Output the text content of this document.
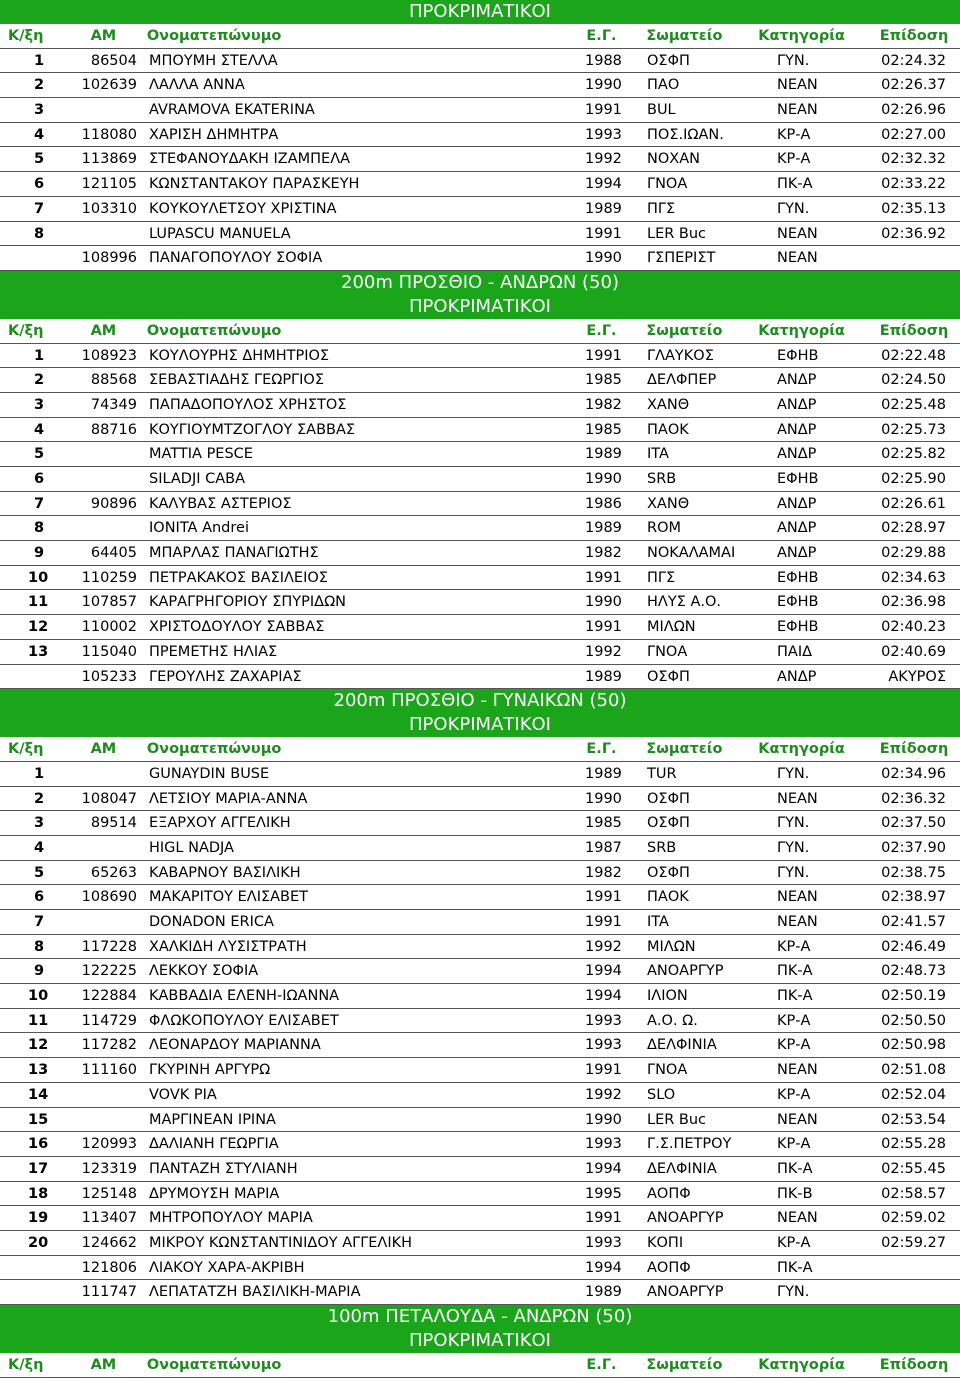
ΠΡΟΚΡΙΜΑΤΙΚΟΙ
Κ/ξη	ΑΜ	Ονοματεπώνυμο	Ε.Γ.	Σωματείο	Κατηγορία	Επίδοση
1	86504 ΜΠΟΥΜΗ ΣΤΕΛΛΑ	1988	ΟΣΦΠ	ΓΥΝ.	02:24.32
2	102639 ΛΑΛΛΑ ΑΝΝΑ	1990	ΠΑΟ	ΝΕΑΝ	02:26.37
3	AVRAMOVA EKATERINA	1991	BUL	ΝΕΑΝ	02:26.96
4	118080 ΧΑΡΙΣΗ ΔΗΜΗΤΡΑ	1993	ΠΟΣ.ΙΩΑΝ.	ΚΡ-Α	02:27.00
5	113869 ΣΤΕΦΑΝΟΥΔΑΚΗ ΙΖΑΜΠΕΛΑ	1992	ΝΟΧΑΝ	ΚΡ-Α	02:32.32
6	121105 ΚΩΝΣΤΑΝΤΑΚΟΥ ΠΑΡΑΣΚΕΥΗ	1994	ΓΝΟΑ	ΠΚ-Α	02:33.22
7	103310 ΚΟΥΚΟΥΛΕΤΣΟΥ ΧΡΙΣΤΙΝΑ	1989	ΠΓΣ	ΓΥΝ.	02:35.13
8	LUPASCU MANUELA	1991	LER Buc	ΝΕΑΝ	02:36.92
108996 ΠΑΝΑΓΟΠΟΥΛΟΥ ΣΟΦΙΑ	1990	ΓΣΠΕΡΙΣΤ	ΝΕΑΝ
200m ΠΡΟΣΘΙΟ - ΑΝΔΡΩΝ (50)
ΠΡΟΚΡΙΜΑΤΙΚΟΙ
Κ/ξη	ΑΜ	Ονοματεπώνυμο	Ε.Γ.	Σωματείο	Κατηγορία	Επίδοση
1	108923 ΚΟΥΛΟΥΡΗΣ ΔΗΜΗΤΡΙΟΣ	1991	ΓΛΑΥΚΟΣ	ΕΦΗΒ	02:22.48
2	88568 ΣΕΒΑΣΤΙΑΔΗΣ ΓΕΩΡΓΙΟΣ	1985	ΔΕΛΦΠΕΡ	ΑΝΔΡ	02:24.50
3	74349 ΠΑΠΑΔΟΠΟΥΛΟΣ ΧΡΗΣΤΟΣ	1982	ΧΑΝΘ	ΑΝΔΡ	02:25.48
4	88716 ΚΟΥΓΙΟΥΜΤΖΟΓΛΟΥ ΣΑΒΒΑΣ	1985	ΠΑΟΚ	ΑΝΔΡ	02:25.73
5	MATTIA PESCE	1989	ITA	ΑΝΔΡ	02:25.82
6	SILADJI CABA	1990	SRB	ΕΦΗΒ	02:25.90
7	90896 ΚΑΛΥΒΑΣ ΑΣΤΕΡΙΟΣ	1986	ΧΑΝΘ	ΑΝΔΡ	02:26.61
8	IONITA Andrei	1989	ROM	ΑΝΔΡ	02:28.97
9	64405 ΜΠΑΡΛΑΣ ΠΑΝΑΓΙΩΤΗΣ	1982	ΝΟΚΑΛΑΜΑΙ	ΑΝΔΡ	02:29.88
10	110259 ΠΕΤΡΑΚΑΚΟΣ ΒΑΣΙΛΕΙΟΣ	1991	ΠΓΣ	ΕΦΗΒ	02:34.63
11	107857 ΚΑΡΑΓΡΗΓΟΡΙΟΥ ΣΠΥΡΙΔΩΝ	1990	ΗΛΥΣ Α.Ο.	ΕΦΗΒ	02:36.98
12	110002 ΧΡΙΣΤΟΔΟΥΛΟΥ ΣΑΒΒΑΣ	1991	ΜΙΛΩΝ	ΕΦΗΒ	02:40.23
13	115040 ΠΡΕΜΕΤΗΣ ΗΛΙΑΣ	1992	ΓΝΟΑ	ΠΑΙΔ	02:40.69
105233 ΓΕΡΟΥΛΗΣ ΖΑΧΑΡΙΑΣ	1989	ΟΣΦΠ	ΑΝΔΡ	ΑΚΥΡΟΣ
200m ΠΡΟΣΘΙΟ - ΓΥΝΑΙΚΩΝ (50)
ΠΡΟΚΡΙΜΑΤΙΚΟΙ
Κ/ξη	ΑΜ	Ονοματεπώνυμο	Ε.Γ.	Σωματείο	Κατηγορία	Επίδοση
1	GUNAYDIN BUSE	1989	TUR	ΓΥΝ.	02:34.96
2	108047 ΛΕΤΣΙΟΥ ΜΑΡΙΑ-ΑΝΝΑ	1990	ΟΣΦΠ	ΝΕΑΝ	02:36.32
3	89514 ΕΞΑΡΧΟΥ ΑΓΓΕΛΙΚΗ	1985	ΟΣΦΠ	ΓΥΝ.	02:37.50
4	HIGL NADJA	1987	SRB	ΓΥΝ.	02:37.90
5	65263 ΚΑΒΑΡΝΟΥ ΒΑΣΙΛΙΚΗ	1982	ΟΣΦΠ	ΓΥΝ.	02:38.75
6	108690 ΜΑΚΑΡΙΤΟΥ ΕΛΙΣΑΒΕΤ	1991	ΠΑΟΚ	ΝΕΑΝ	02:38.97
7	DONADON ERICA	1991	ITA	ΝΕΑΝ	02:41.57
8	117228 ΧΑΛΚΙΔΗ ΛΥΣΙΣΤΡΑΤΗ	1992	ΜΙΛΩΝ	ΚΡ-Α	02:46.49
9	122225 ΛΕΚΚΟΥ ΣΟΦΙΑ	1994	ΑΝΟΑΡΓΥΡ	ΠΚ-Α	02:48.73
10	122884 ΚΑΒΒΑΔΙΑ ΕΛΕΝΗ-ΙΩΑΝΝΑ	1994	ΙΛΙΟΝ	ΠΚ-Α	02:50.19
11	114729 ΦΛΩΚΟΠΟΥΛΟΥ ΕΛΙΣΑΒΕΤ	1993	Α.Ο. Ω.	ΚΡ-Α	02:50.50
12	117282 ΛΕΟΝΑΡΔΟΥ ΜΑΡΙΑΝΝΑ	1993	ΔΕΛΦΙΝΙΑ	ΚΡ-Α	02:50.98
13	111160 ΓΚΥΡΙΝΗ ΑΡΓΥΡΩ	1991	ΓΝΟΑ	ΝΕΑΝ	02:51.08
14	VOVK PIA	1992	SLO	ΚΡ-Α	02:52.04
15	ΜΑΡΓΙΝΕΑΝ ΙΡΙΝΑ	1990	LER Buc	ΝΕΑΝ	02:53.54
16	120993 ΔΑΛΙΑΝΗ ΓΕΩΡΓΙΑ	1993	Γ.Σ.ΠΕΤΡΟΥ	ΚΡ-Α	02:55.28
17	123319 ΠΑΝΤΑΖΗ ΣΤΥΛΙΑΝΗ	1994	ΔΕΛΦΙΝΙΑ	ΠΚ-Α	02:55.45
18	125148 ΔΡΥΜΟΥΣΗ ΜΑΡΙΑ	1995	ΑΟΠΦ	ΠΚ-Β	02:58.57
19	113407 ΜΗΤΡΟΠΟΥΛΟΥ ΜΑΡΙΑ	1991	ΑΝΟΑΡΓΥΡ	ΝΕΑΝ	02:59.02
20	124662 ΜΙΚΡΟΥ ΚΩΝΣΤΑΝΤΙΝΙΔΟΥ ΑΓΓΕΛΙΚΗ	1993	ΚΟΠΙ	ΚΡ-Α	02:59.27
121806 ΛΙΑΚΟΥ ΧΑΡΑ-ΑΚΡΙΒΗ	1994	ΑΟΠΦ	ΠΚ-Α
111747 ΛΕΠΑΤΑΤΖΗ ΒΑΣΙΛΙΚΗ-ΜΑΡΙΑ	1989	ΑΝΟΑΡΓΥΡ	ΓΥΝ.
100m ΠΕΤΑΛΟΥΔΑ - ΑΝΔΡΩΝ (50)
ΠΡΟΚΡΙΜΑΤΙΚΟΙ
Κ/ξη	ΑΜ	Ονοματεπώνυμο	Ε.Γ.	Σωματείο	Κατηγορία	Επίδοση
